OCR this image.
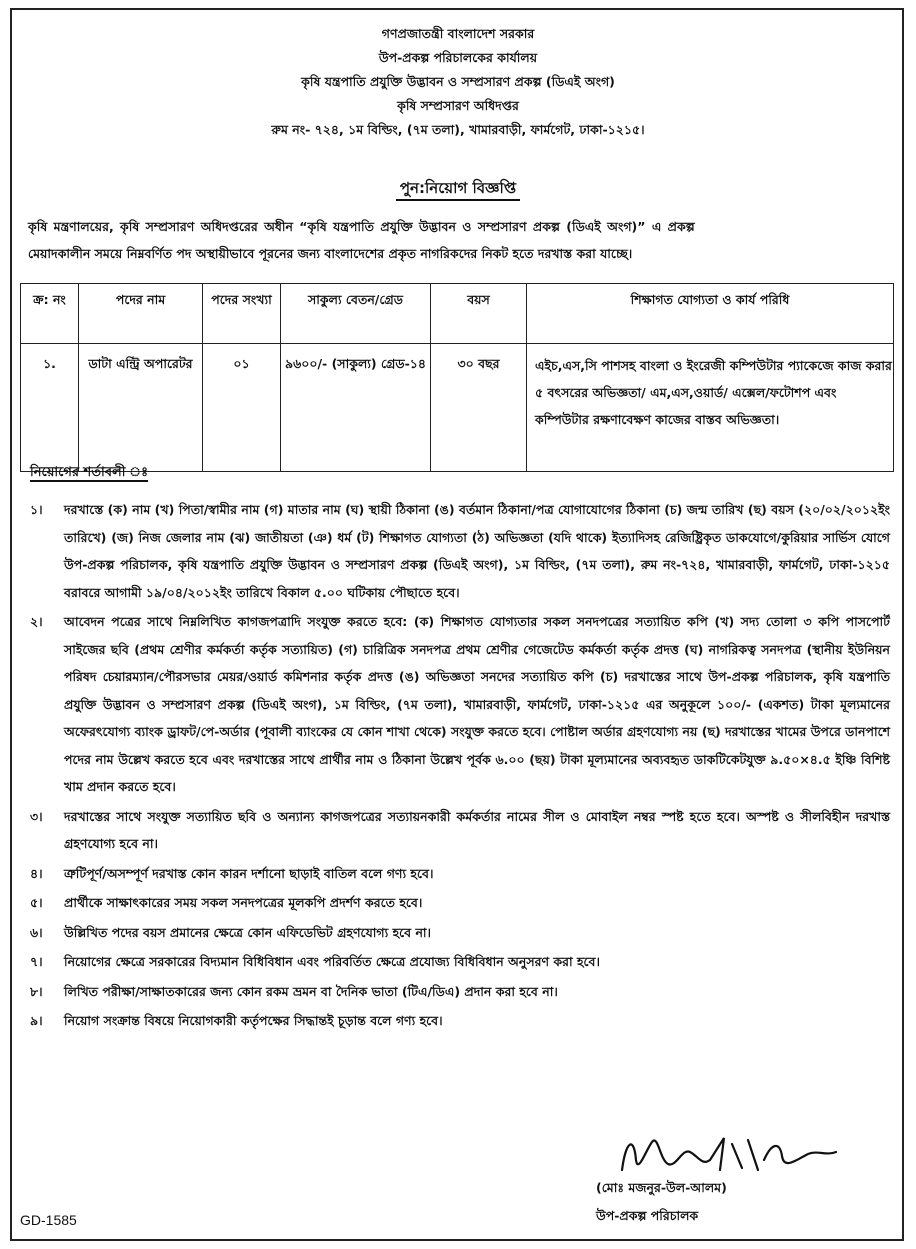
গণপ্রজাতন্ত্রী বাংলাদেশ সরকার
উপ-প্রকল্প পরিচালকের কার্যালয়
কৃষি যন্ত্রপাতি প্রযুক্তি উদ্ভাবন ও সম্প্রসারণ প্রকল্প (ডিএই অংগ)
কৃষি সম্প্রসারণ অধিদপ্তর
রুম নং- ৭২৪, ১ম বিল্ডিং, (৭ম তলা), খামারবাড়ী, ফার্মগেট, ঢাকা-১২১৫।
পুন:নিয়োগ বিজ্ঞপ্তি
কৃষি মন্ত্রণালয়ের, কৃষি সম্প্রসারণ অধিদপ্তরের অধীন “কৃষি যন্ত্রপাতি প্রযুক্তি উদ্ভাবন ও সম্প্রসারণ প্রকল্প (ডিএই অংগ)” এ প্রকল্প
মেয়াদকালীন সময়ে নিম্নবর্ণিত পদ অস্থায়ীভাবে পূরনের জন্য বাংলাদেশের প্রকৃত নাগরিকদের নিকট হতে দরখাস্ত করা যাচ্ছে।
ক্র: নং	পদের নাম	পদের সংখ্যা	সাকুল্য বেতন/গ্রেড	বয়স	শিক্ষাগত যোগ্যতা ও কার্য পরিধি
১.	ডাটা এন্ট্রি অপারেটর	০১	৯৬০০/- (সাকুল্য) গ্রেড-১৪	৩০ বছর	এইচ,এস,সি পাশসহ বাংলা ও ইংরেজী কম্পিউটার প্যাকেজে কাজ করার ৫ বৎসরের অভিজ্ঞতা/ এম,এস,ওয়ার্ড/ এক্সেল/ফটোশপ এবং কম্পিউটার রক্ষণাবেক্ষণ কাজের বাস্তব অভিজ্ঞতা।
নিয়োগের শর্তাবলী ঃ
১। দরখাস্তে (ক) নাম (খ) পিতা/স্বামীর নাম (গ) মাতার নাম (ঘ) স্থায়ী ঠিকানা (ঙ) বর্তমান ঠিকানা/পত্র যোগাযোগের ঠিকানা (চ) জন্ম তারিখ (ছ) বয়স (২০/০২/২০১২ইং তারিখে) (জ) নিজ জেলার নাম (ঝ) জাতীয়তা (ঞ) ধর্ম (ট) শিক্ষাগত যোগ্যতা (ঠ) অভিজ্ঞতা (যদি থাকে) ইত্যাদিসহ রেজিষ্ট্রিকৃত ডাকযোগে/কুরিয়ার সার্ভিস যোগে উপ-প্রকল্প পরিচালক, কৃষি যন্ত্রপাতি প্রযুক্তি উদ্ভাবন ও সম্প্রসারণ প্রকল্প (ডিএই অংগ), ১ম বিল্ডিং, (৭ম তলা), রুম নং-৭২৪, খামারবাড়ী, ফার্মগেট, ঢাকা-১২১৫ বরাবরে আগামী ১৯/০৪/২০১২ইং তারিখে বিকাল ৫.০০ ঘটিকায় পৌছাতে হবে।
২। আবেদন পত্রের সাথে নিম্নলিখিত কাগজপত্রাদি সংযুক্ত করতে হবে: (ক) শিক্ষাগত যোগ্যতার সকল সনদপত্রের সত্যায়িত কপি (খ) সদ্য তোলা ৩ কপি পাসপোর্ট সাইজের ছবি (প্রথম শ্রেণীর কর্মকর্তা কর্তৃক সত্যায়িত) (গ) চারিত্রিক সনদপত্র প্রথম শ্রেণীর গেজেটেড কর্মকর্তা কর্তৃক প্রদত্ত (ঘ) নাগরিকত্ব সনদপত্র (স্থানীয় ইউনিয়ন পরিষদ চেয়ারম্যান/পৌরসভার মেয়র/ওয়ার্ড কমিশনার কর্তৃক প্রদত্ত (ঙ) অভিজ্ঞতা সনদের সত্যায়িত কপি (চ) দরখাস্তের সাথে উপ-প্রকল্প পরিচালক, কৃষি যন্ত্রপাতি প্রযুক্তি উদ্ভাবন ও সম্প্রসারণ প্রকল্প (ডিএই অংগ), ১ম বিল্ডিং, (৭ম তলা), খামারবাড়ী, ফার্মগেট, ঢাকা-১২১৫ এর অনুকূলে ১০০/- (একশত) টাকা মূল্যমানের অফেরৎযোগ্য ব্যাংক ড্রাফট/পে-অর্ডার (পূবালী ব্যাংকের যে কোন শাখা থেকে) সংযুক্ত করতে হবে। পোষ্টাল অর্ডার গ্রহণযোগ্য নয় (ছ) দরখাস্তের খামের উপরে ডানপাশে পদের নাম উল্লেখ করতে হবে এবং দরখাস্তের সাথে প্রার্থীর নাম ও ঠিকানা উল্লেখ পূর্বক ৬.০০ (ছয়) টাকা মূল্যমানের অব্যবহৃত ডাকটিকেটযুক্ত ৯.৫০×৪.৫ ইঞ্চি বিশিষ্ট খাম প্রদান করতে হবে।
৩। দরখাস্তের সাথে সংযুক্ত সত্যায়িত ছবি ও অন্যান্য কাগজপত্রের সত্যায়নকারী কর্মকর্তার নামের সীল ও মোবাইল নম্বর স্পষ্ট হতে হবে। অস্পষ্ট ও সীলবিহীন দরখাস্ত গ্রহণযোগ্য হবে না।
৪। ত্রুটিপূর্ণ/অসম্পূর্ণ দরখাস্ত কোন কারন দর্শানো ছাড়াই বাতিল বলে গণ্য হবে।
৫। প্রার্থীকে সাক্ষাৎকারের সময় সকল সনদপত্রের মূলকপি প্রদর্শণ করতে হবে।
৬। উল্লিখিত পদের বয়স প্রমানের ক্ষেত্রে কোন এফিডেভিট গ্রহণযোগ্য হবে না।
৭। নিয়োগের ক্ষেত্রে সরকারের বিদ্যমান বিধিবিধান এবং পরিবর্তিত ক্ষেত্রে প্রযোজ্য বিধিবিধান অনুসরণ করা হবে।
৮। লিখিত পরীক্ষা/সাক্ষাতকারের জন্য কোন রকম ভ্রমন বা দৈনিক ভাতা (টিএ/ডিএ) প্রদান করা হবে না।
৯। নিয়োগ সংক্রান্ত বিষয়ে নিয়োগকারী কর্তৃপক্ষের সিদ্ধান্তই চূড়ান্ত বলে গণ্য হবে।
(মোঃ মজনুর-উল-আলম)
উপ-প্রকল্প পরিচালক
GD-1585
